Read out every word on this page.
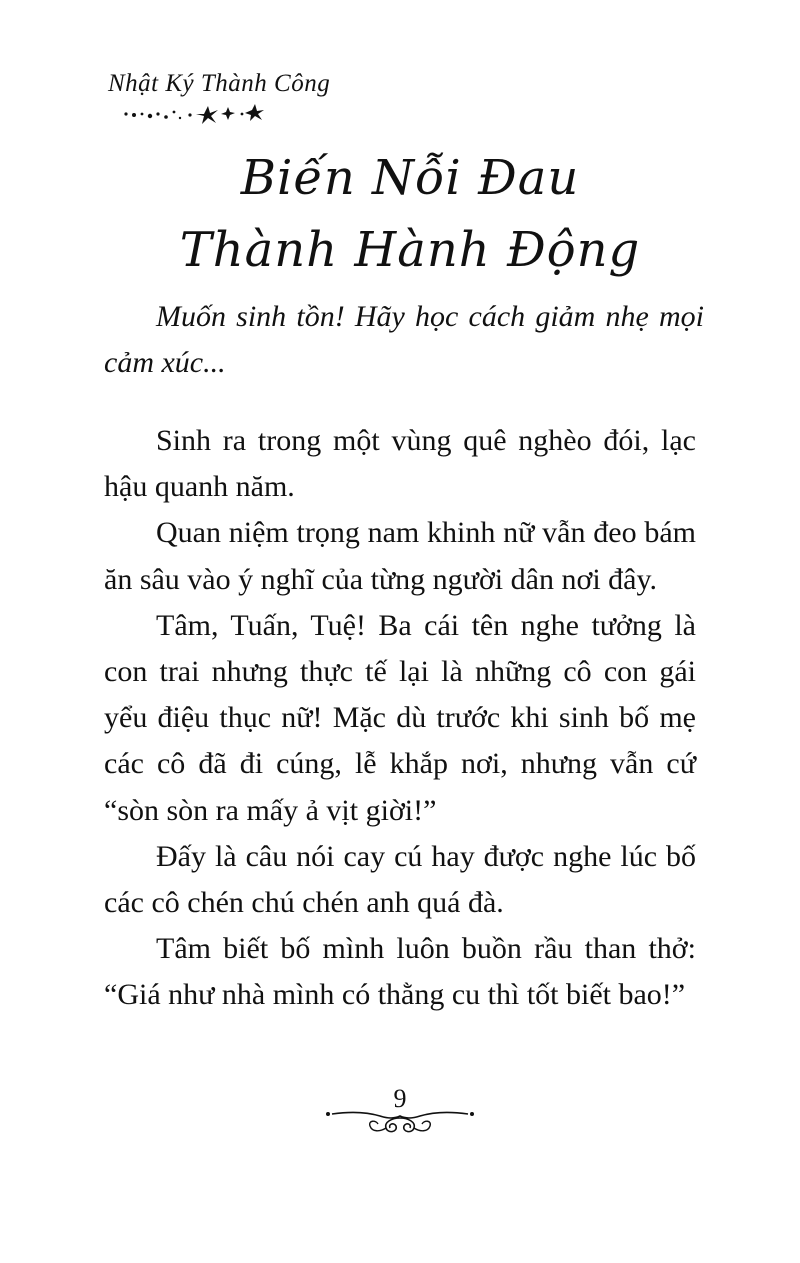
Nhật Ký Thành Công
Biến Nỗi Đau
Thành Hành Động

Muốn sinh tồn! Hãy học cách giảm nhẹ mọi cảm xúc...

Sinh ra trong một vùng quê nghèo đói, lạc hậu quanh năm.

Quan niệm trọng nam khinh nữ vẫn đeo bám ăn sâu vào ý nghĩ của từng người dân nơi đây.

Tâm, Tuấn, Tuệ! Ba cái tên nghe tưởng là con trai nhưng thực tế lại là những cô con gái yểu điệu thục nữ! Mặc dù trước khi sinh bố mẹ các cô đã đi cúng, lễ khắp nơi, nhưng vẫn cứ “sòn sòn ra mấy ả vịt giời!”

Đấy là câu nói cay cú hay được nghe lúc bố các cô chén chú chén anh quá đà.

Tâm biết bố mình luôn buồn rầu than thở: “Giá như nhà mình có thằng cu thì tốt biết bao!”

9
